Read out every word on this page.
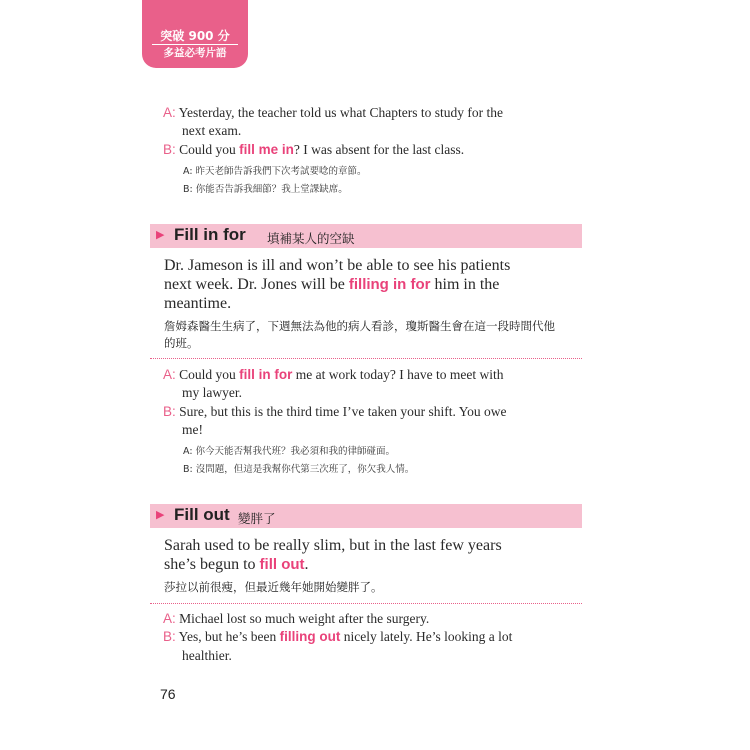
突破 900 分
多益必考片語
A: Yesterday, the teacher told us what Chapters to study for the
next exam.
B: Could you fill me in? I was absent for the last class.
A: 昨天老師告訴我們下次考試要唸的章節。
B: 你能否告訴我細節？我上堂課缺席。
▶ Fill in for 填補某人的空缺
Dr. Jameson is ill and won’t be able to see his patients
next week. Dr. Jones will be filling in for him in the
meantime.
詹姆森醫生生病了，下週無法為他的病人看診，瓊斯醫生會在這一段時間代他
的班。
A: Could you fill in for me at work today? I have to meet with
my lawyer.
B: Sure, but this is the third time I’ve taken your shift. You owe
me!
A: 你今天能否幫我代班？我必須和我的律師碰面。
B: 沒問題，但這是我幫你代第三次班了，你欠我人情。
▶ Fill out 變胖了
Sarah used to be really slim, but in the last few years
she’s begun to fill out.
莎拉以前很瘦，但最近幾年她開始變胖了。
A: Michael lost so much weight after the surgery.
B: Yes, but he’s been filling out nicely lately. He’s looking a lot
healthier.
76
